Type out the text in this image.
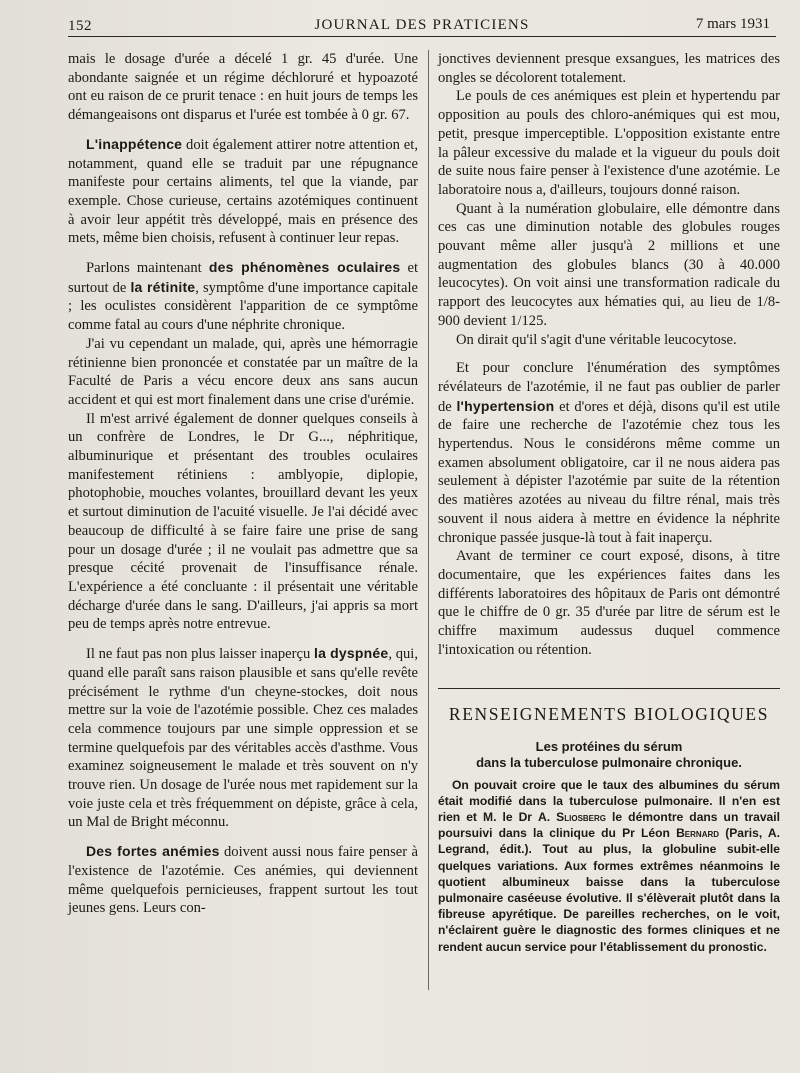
152	JOURNAL DES PRATICIENS	7 mars 1931

mais le dosage d'urée a décelé 1 gr. 45 d'urée. Une abondante saignée et un régime déchloruré et hypoazoté ont eu raison de ce prurit tenace : en huit jours de temps les démangeaisons ont disparus et l'urée est tombée à 0 gr. 67.

L'inappétence doit également attirer notre attention et, notamment, quand elle se traduit par une répugnance manifeste pour certains aliments, tel que la viande, par exemple. Chose curieuse, certains azotémiques continuent à avoir leur appétit très développé, mais en présence des mets, même bien choisis, refusent à continuer leur repas.

Parlons maintenant des phénomènes oculaires et surtout de la rétinite, symptôme d'une importance capitale ; les oculistes considèrent l'apparition de ce symptôme comme fatal au cours d'une néphrite chronique.

J'ai vu cependant un malade, qui, après une hémorragie rétinienne bien prononcée et constatée par un maître de la Faculté de Paris a vécu encore deux ans sans aucun accident et qui est mort finalement dans une crise d'urémie.

Il m'est arrivé également de donner quelques conseils à un confrère de Londres, le Dr G..., néphritique, albuminurique et présentant des troubles oculaires manifestement rétiniens : amblyopie, diplopie, photophobie, mouches volantes, brouillard devant les yeux et surtout diminution de l'acuité visuelle. Je l'ai décidé avec beaucoup de difficulté à se faire faire une prise de sang pour un dosage d'urée ; il ne voulait pas admettre que sa presque cécité provenait de l'insuffisance rénale. L'expérience a été concluante : il présentait une véritable décharge d'urée dans le sang. D'ailleurs, j'ai appris sa mort peu de temps après notre entrevue.

Il ne faut pas non plus laisser inaperçu la dyspnée, qui, quand elle paraît sans raison plausible et sans qu'elle revête précisément le rythme d'un cheyne-stockes, doit nous mettre sur la voie de l'azotémie possible. Chez ces malades cela commence toujours par une simple oppression et se termine quelquefois par des véritables accès d'asthme. Vous examinez soigneusement le malade et très souvent on n'y trouve rien. Un dosage de l'urée nous met rapidement sur la voie juste cela et très fréquemment on dépiste, grâce à cela, un Mal de Bright méconnu.

Des fortes anémies doivent aussi nous faire penser à l'existence de l'azotémie. Ces anémies, qui deviennent même quelquefois pernicieuses, frappent surtout les tout jeunes gens. Leurs con-

jonctives deviennent presque exsangues, les matrices des ongles se décolorent totalement.

Le pouls de ces anémiques est plein et hypertendu par opposition au pouls des chloro-anémiques qui est mou, petit, presque imperceptible. L'opposition existante entre la pâleur excessive du malade et la vigueur du pouls doit de suite nous faire penser à l'existence d'une azotémie. Le laboratoire nous a, d'ailleurs, toujours donné raison.

Quant à la numération globulaire, elle démontre dans ces cas une diminution notable des globules rouges pouvant même aller jusqu'à 2 millions et une augmentation des globules blancs (30 à 40.000 leucocytes). On voit ainsi une transformation radicale du rapport des leucocytes aux hématies qui, au lieu de 1/8-900 devient 1/125.

On dirait qu'il s'agit d'une véritable leucocytose.

Et pour conclure l'énumération des symptômes révélateurs de l'azotémie, il ne faut pas oublier de parler de l'hypertension et d'ores et déjà, disons qu'il est utile de faire une recherche de l'azotémie chez tous les hypertendus. Nous le considérons même comme un examen absolument obligatoire, car il ne nous aidera pas seulement à dépister l'azotémie par suite de la rétention des matières azotées au niveau du filtre rénal, mais très souvent il nous aidera à mettre en évidence la néphrite chronique passée jusque-là tout à fait inaperçu.

Avant de terminer ce court exposé, disons, à titre documentaire, que les expériences faites dans les différents laboratoires des hôpitaux de Paris ont démontré que le chiffre de 0 gr. 35 d'urée par litre de sérum est le chiffre maximum audessus duquel commence l'intoxication ou rétention.

RENSEIGNEMENTS BIOLOGIQUES
Les protéines du sérum
dans la tuberculose pulmonaire chronique.

On pouvait croire que le taux des albumines du sérum était modifié dans la tuberculose pulmonaire. Il n'en est rien et M. le Dr A. Sliosberg le démontre dans un travail poursuivi dans la clinique du Pr Léon Bernard (Paris, A. Legrand, édit.). Tout au plus, la globuline subit-elle quelques variations. Aux formes extrêmes néanmoins le quotient albumineux baisse dans la tuberculose pulmonaire caséeuse évolutive. Il s'élèverait plutôt dans la fibreuse apyrétique. De pareilles recherches, on le voit, n'éclairent guère le diagnostic des formes cliniques et ne rendent aucun service pour l'établissement du pronostic.
